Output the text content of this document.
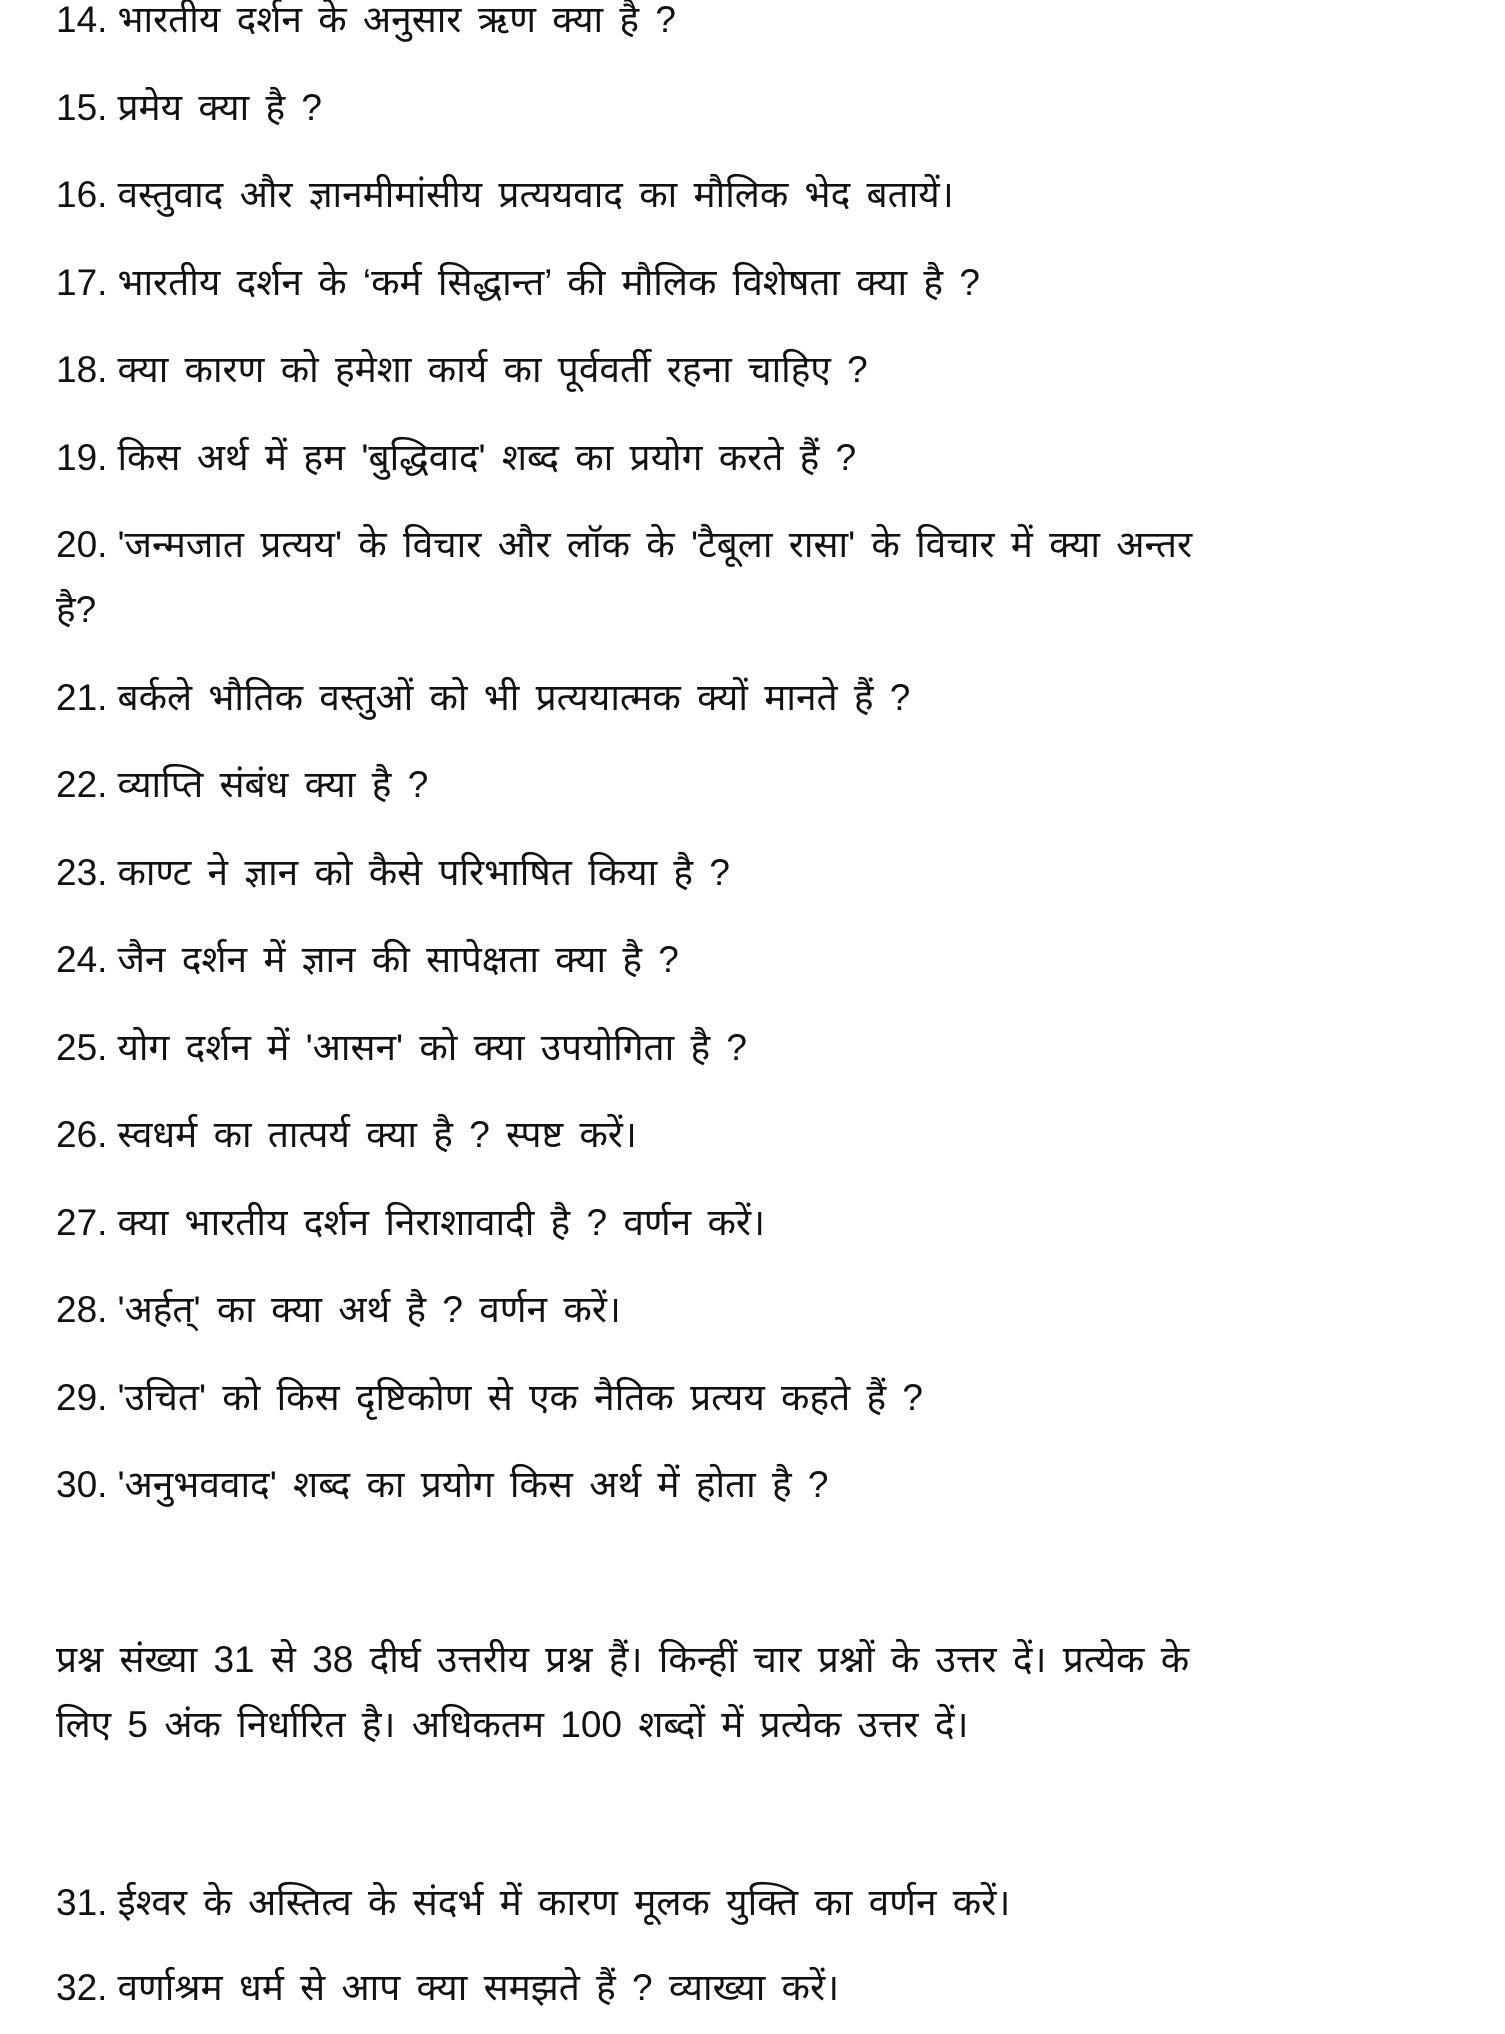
14. भारतीय दर्शन के अनुसार ऋण क्या है ?
15. प्रमेय क्या है ?
16. वस्तुवाद और ज्ञानमीमांसीय प्रत्ययवाद का मौलिक भेद बतायें।
17. भारतीय दर्शन के ‘कर्म सिद्धान्त’ की मौलिक विशेषता क्या है ?
18. क्या कारण को हमेशा कार्य का पूर्ववर्ती रहना चाहिए ?
19. किस अर्थ में हम 'बुद्धिवाद' शब्द का प्रयोग करते हैं ?
20. 'जन्मजात प्रत्यय' के विचार और लॉक के 'टैबूला रासा' के विचार में क्या अन्तर
है?
21. बर्कले भौतिक वस्तुओं को भी प्रत्ययात्मक क्यों मानते हैं ?
22. व्याप्ति संबंध क्या है ?
23. काण्ट ने ज्ञान को कैसे परिभाषित किया है ?
24. जैन दर्शन में ज्ञान की सापेक्षता क्या है ?
25. योग दर्शन में 'आसन' को क्या उपयोगिता है ?
26. स्वधर्म का तात्पर्य क्या है ? स्पष्ट करें।
27. क्या भारतीय दर्शन निराशावादी है ? वर्णन करें।
28. 'अर्हत्' का क्या अर्थ है ? वर्णन करें।
29. 'उचित' को किस दृष्टिकोण से एक नैतिक प्रत्यय कहते हैं ?
30. 'अनुभववाद' शब्द का प्रयोग किस अर्थ में होता है ?
प्रश्न संख्या 31 से 38 दीर्घ उत्तरीय प्रश्न हैं। किन्हीं चार प्रश्नों के उत्तर दें। प्रत्येक के
लिए 5 अंक निर्धारित है। अधिकतम 100 शब्दों में प्रत्येक उत्तर दें।
31. ईश्वर के अस्तित्व के संदर्भ में कारण मूलक युक्ति का वर्णन करें।
32. वर्णाश्रम धर्म से आप क्या समझते हैं ? व्याख्या करें।
